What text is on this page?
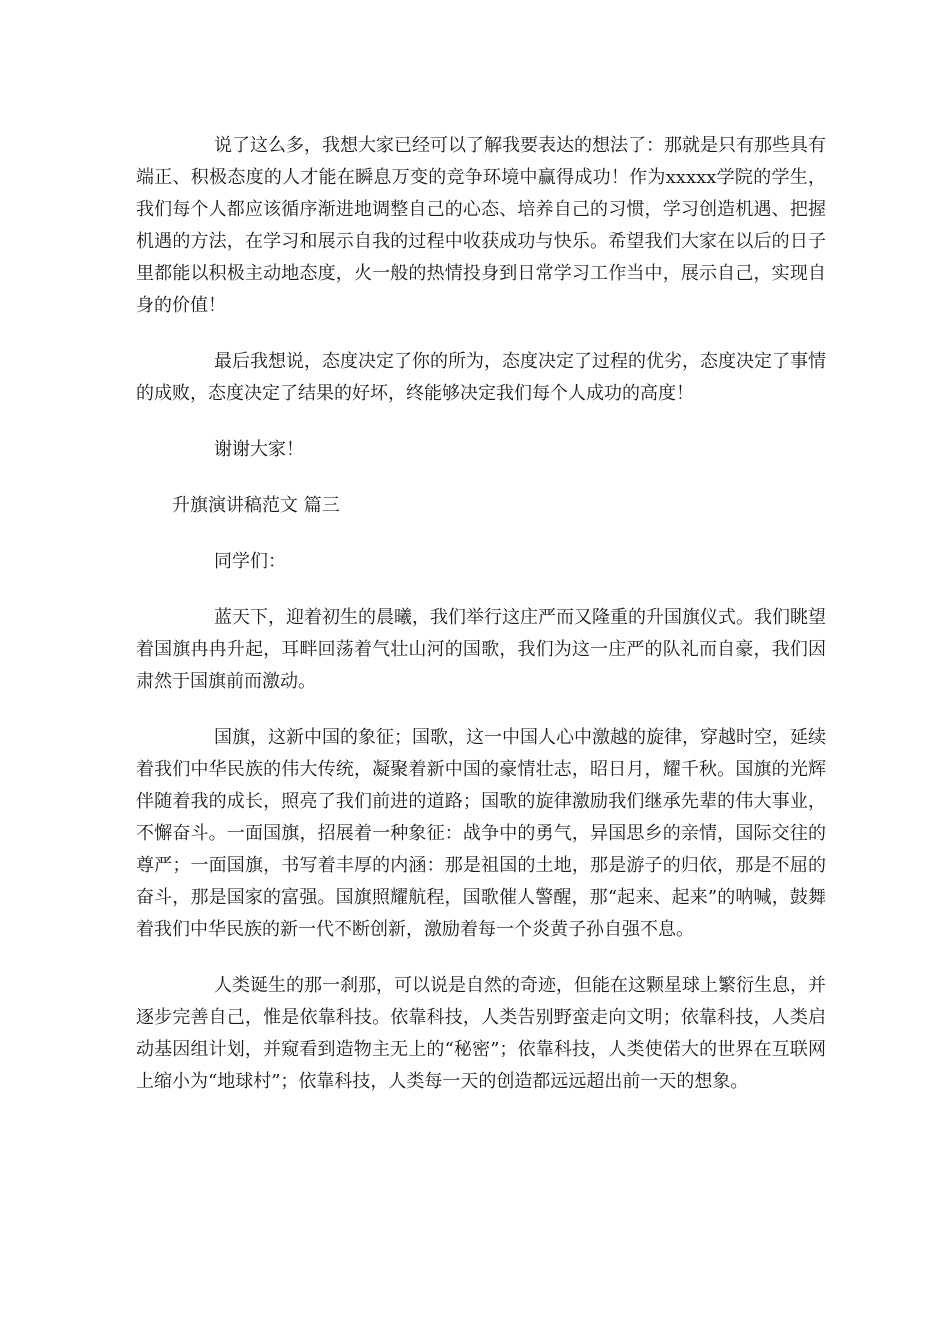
说了这么多，我想大家已经可以了解我要表达的想法了：那就是只有那些具有端正、积极态度的人才能在瞬息万变的竞争环境中赢得成功！作为xxxxx学院的学生，我们每个人都应该循序渐进地调整自己的心态、培养自己的习惯，学习创造机遇、把握机遇的方法，在学习和展示自我的过程中收获成功与快乐。希望我们大家在以后的日子里都能以积极主动地态度，火一般的热情投身到日常学习工作当中，展示自己，实现自身的价值！

最后我想说，态度决定了你的所为，态度决定了过程的优劣，态度决定了事情的成败，态度决定了结果的好坏，终能够决定我们每个人成功的高度！

谢谢大家！

升旗演讲稿范文 篇三

同学们：

蓝天下，迎着初生的晨曦，我们举行这庄严而又隆重的升国旗仪式。我们眺望着国旗冉冉升起，耳畔回荡着气壮山河的国歌，我们为这一庄严的队礼而自豪，我们因肃然于国旗前而激动。

国旗，这新中国的象征；国歌，这一中国人心中激越的旋律，穿越时空，延续着我们中华民族的伟大传统，凝聚着新中国的豪情壮志，昭日月，耀千秋。国旗的光辉伴随着我的成长，照亮了我们前进的道路；国歌的旋律激励我们继承先辈的伟大事业，不懈奋斗。一面国旗，招展着一种象征：战争中的勇气，异国思乡的亲情，国际交往的尊严；一面国旗，书写着丰厚的内涵：那是祖国的土地，那是游子的归依，那是不屈的奋斗，那是国家的富强。国旗照耀航程，国歌催人警醒，那“起来、起来”的呐喊，鼓舞着我们中华民族的新一代不断创新，激励着每一个炎黄子孙自强不息。

人类诞生的那一刹那，可以说是自然的奇迹，但能在这颗星球上繁衍生息，并逐步完善自己，惟是依靠科技。依靠科技，人类告别野蛮走向文明；依靠科技，人类启动基因组计划，并窥看到造物主无上的“秘密”；依靠科技，人类使偌大的世界在互联网上缩小为“地球村”；依靠科技，人类每一天的创造都远远超出前一天的想象。
